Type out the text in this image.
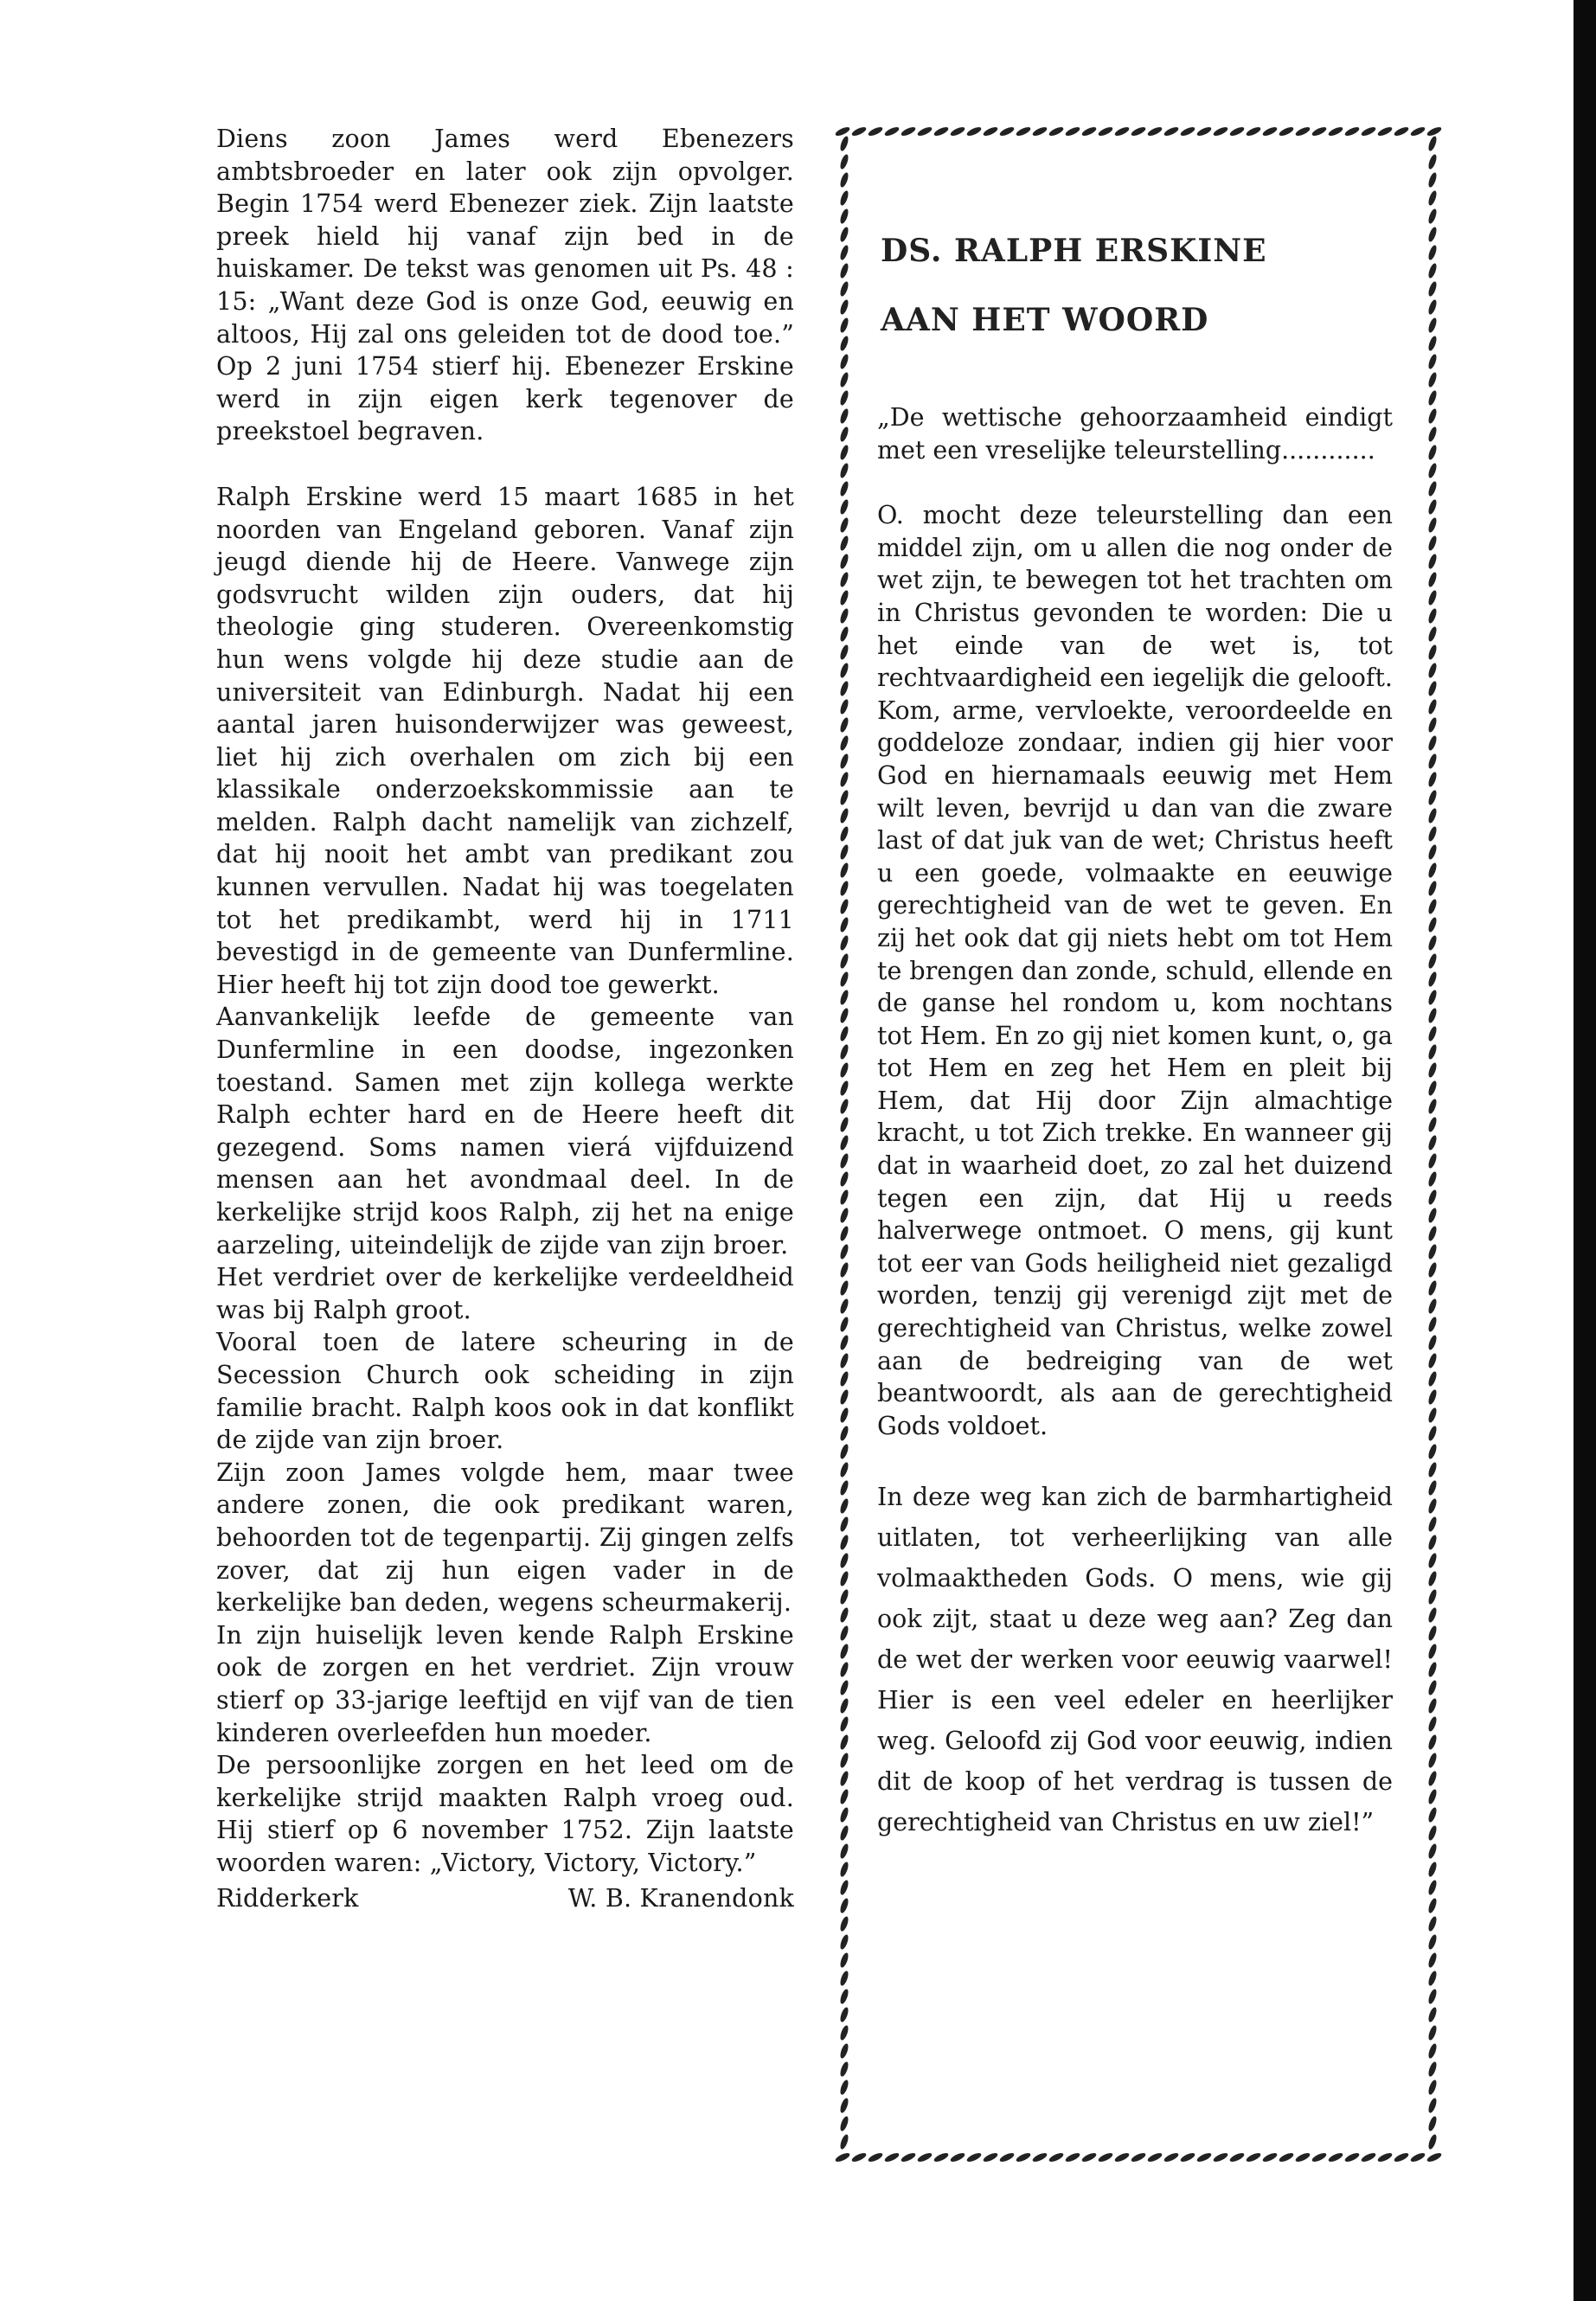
Diens zoon James werd Ebenezers ambtsbroeder en later ook zijn opvolger. Begin 1754 werd Ebenezer ziek. Zijn laatste preek hield hij vanaf zijn bed in de huiskamer. De tekst was genomen uit Ps. 48 : 15: „Want deze God is onze God, eeuwig en altoos, Hij zal ons geleiden tot de dood toe.” Op 2 juni 1754 stierf hij. Ebenezer Erskine werd in zijn eigen kerk tegenover de preekstoel begraven.

Ralph Erskine werd 15 maart 1685 in het noorden van Engeland geboren. Vanaf zijn jeugd diende hij de Heere. Vanwege zijn godsvrucht wilden zijn ouders, dat hij theologie ging studeren. Overeenkomstig hun wens volgde hij deze studie aan de universiteit van Edinburgh. Nadat hij een aantal jaren huisonderwijzer was geweest, liet hij zich overhalen om zich bij een klassikale onderzoekskommissie aan te melden. Ralph dacht namelijk van zichzelf, dat hij nooit het ambt van predikant zou kunnen vervullen. Nadat hij was toegelaten tot het predikambt, werd hij in 1711 bevestigd in de gemeente van Dunfermline. Hier heeft hij tot zijn dood toe gewerkt.

Aanvankelijk leefde de gemeente van Dunfermline in een doodse, ingezonken toestand. Samen met zijn kollega werkte Ralph echter hard en de Heere heeft dit gezegend. Soms namen vierá vijfduizend mensen aan het avondmaal deel. In de kerkelijke strijd koos Ralph, zij het na enige aarzeling, uiteindelijk de zijde van zijn broer.

Het verdriet over de kerkelijke verdeeldheid was bij Ralph groot.

Vooral toen de latere scheuring in de Secession Church ook scheiding in zijn familie bracht. Ralph koos ook in dat konflikt de zijde van zijn broer.

Zijn zoon James volgde hem, maar twee andere zonen, die ook predikant waren, behoorden tot de tegenpartij. Zij gingen zelfs zover, dat zij hun eigen vader in de kerkelijke ban deden, wegens scheurmakerij.

In zijn huiselijk leven kende Ralph Erskine ook de zorgen en het verdriet. Zijn vrouw stierf op 33-jarige leeftijd en vijf van de tien kinderen overleefden hun moeder.

De persoonlijke zorgen en het leed om de kerkelijke strijd maakten Ralph vroeg oud. Hij stierf op 6 november 1752. Zijn laatste woorden waren: „Victory, Victory, Victory.”

Ridderkerk	W. B. Kranendonk
DS. RALPH ERSKINE
AAN HET WOORD

„De wettische gehoorzaamheid eindigt met een vreselijke teleurstelling............

O. mocht deze teleurstelling dan een middel zijn, om u allen die nog onder de wet zijn, te bewegen tot het trachten om in Christus gevonden te worden: Die u het einde van de wet is, tot rechtvaardigheid een iegelijk die gelooft. Kom, arme, vervloekte, veroordeelde en goddeloze zondaar, indien gij hier voor God en hiernamaals eeuwig met Hem wilt leven, bevrijd u dan van die zware last of dat juk van de wet; Christus heeft u een goede, volmaakte en eeuwige gerechtigheid van de wet te geven. En zij het ook dat gij niets hebt om tot Hem te brengen dan zonde, schuld, ellende en de ganse hel rondom u, kom nochtans tot Hem. En zo gij niet komen kunt, o, ga tot Hem en zeg het Hem en pleit bij Hem, dat Hij door Zijn almachtige kracht, u tot Zich trekke. En wanneer gij dat in waarheid doet, zo zal het duizend tegen een zijn, dat Hij u reeds halverwege ontmoet. O mens, gij kunt tot eer van Gods heiligheid niet gezaligd worden, tenzij gij verenigd zijt met de gerechtigheid van Christus, welke zowel aan de bedreiging van de wet beantwoordt, als aan de gerechtigheid Gods voldoet.

In deze weg kan zich de barmhartigheid uitlaten, tot verheerlijking van alle volmaaktheden Gods. O mens, wie gij ook zijt, staat u deze weg aan? Zeg dan de wet der werken voor eeuwig vaarwel! Hier is een veel edeler en heerlijker weg. Geloofd zij God voor eeuwig, indien dit de koop of het verdrag is tussen de gerechtigheid van Christus en uw ziel!”
